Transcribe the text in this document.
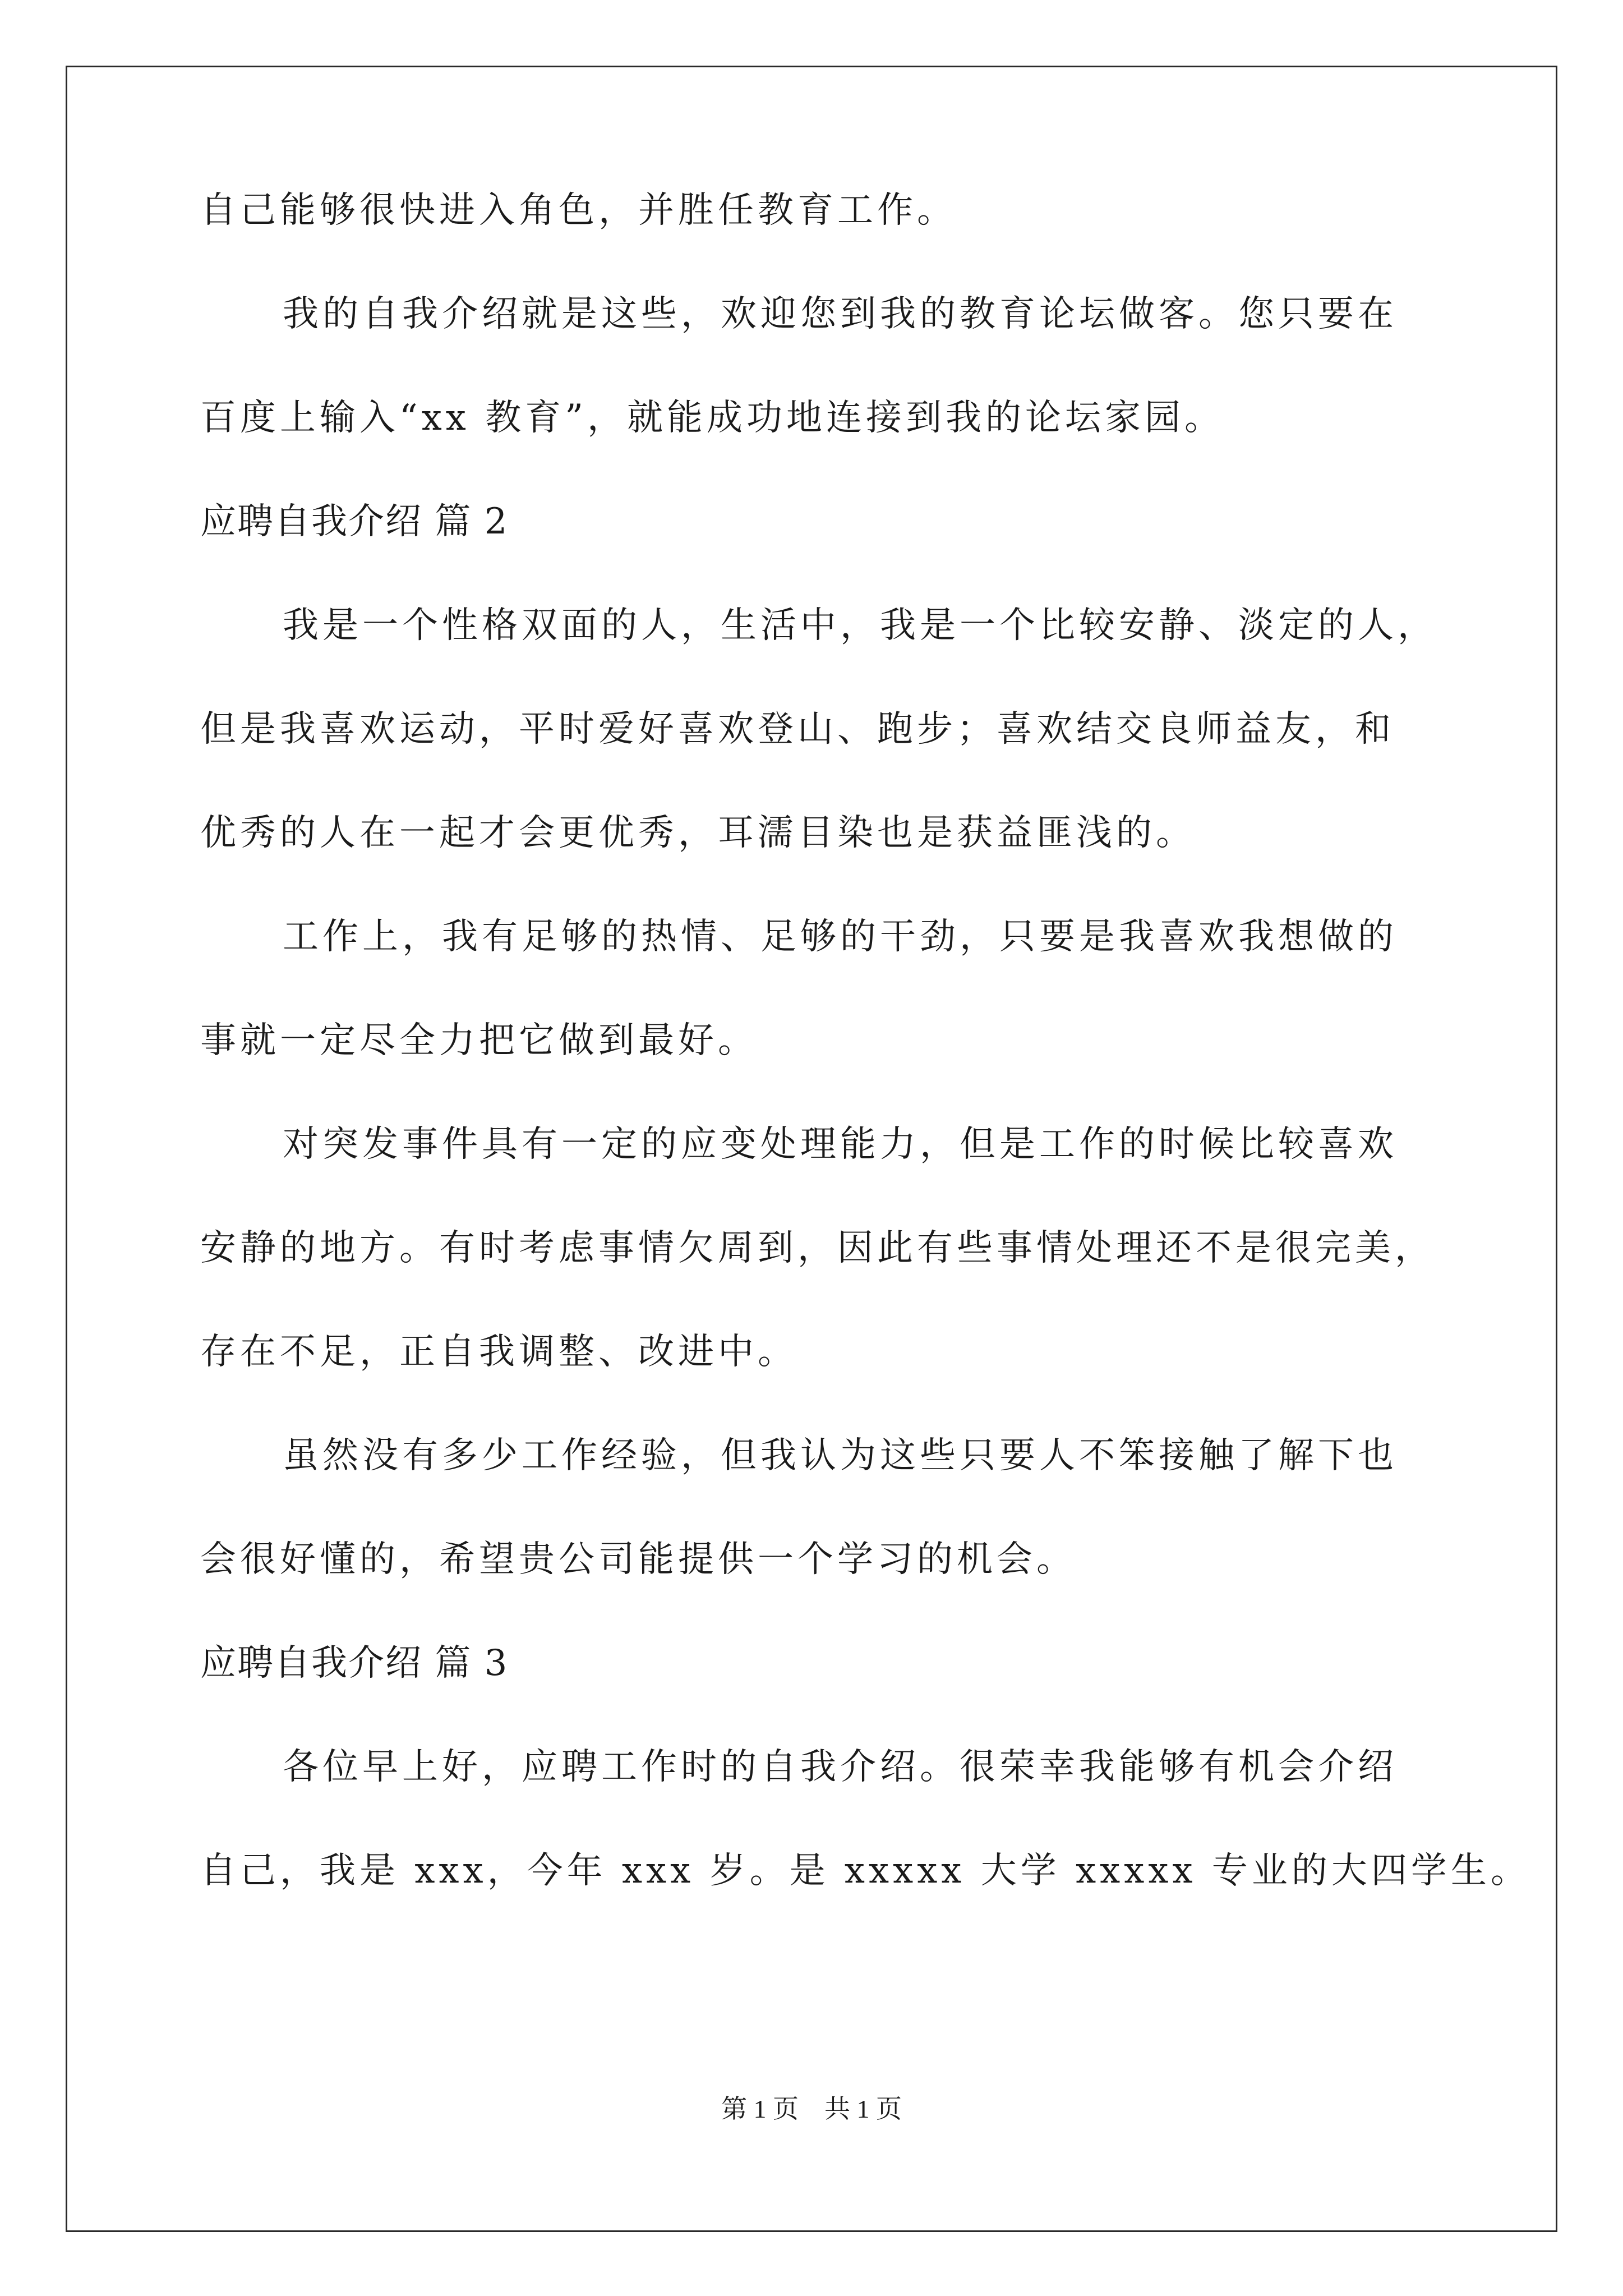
自己能够很快进入角色，并胜任教育工作。
我的自我介绍就是这些，欢迎您到我的教育论坛做客。您只要在
百度上输入“xx 教育”，就能成功地连接到我的论坛家园。
应聘自我介绍 篇 2
我是一个性格双面的人，生活中，我是一个比较安静、淡定的人，
但是我喜欢运动，平时爱好喜欢登山、跑步；喜欢结交良师益友，和
优秀的人在一起才会更优秀，耳濡目染也是获益匪浅的。
工作上，我有足够的热情、足够的干劲，只要是我喜欢我想做的
事就一定尽全力把它做到最好。
对突发事件具有一定的应变处理能力，但是工作的时候比较喜欢
安静的地方。有时考虑事情欠周到，因此有些事情处理还不是很完美，
存在不足，正自我调整、改进中。
虽然没有多少工作经验，但我认为这些只要人不笨接触了解下也
会很好懂的，希望贵公司能提供一个学习的机会。
应聘自我介绍 篇 3
各位早上好，应聘工作时的自我介绍。很荣幸我能够有机会介绍
自己，我是 xxx，今年 xxx 岁。是 xxxxx 大学 xxxxx 专业的大四学生。
第 1 页 共 1 页
